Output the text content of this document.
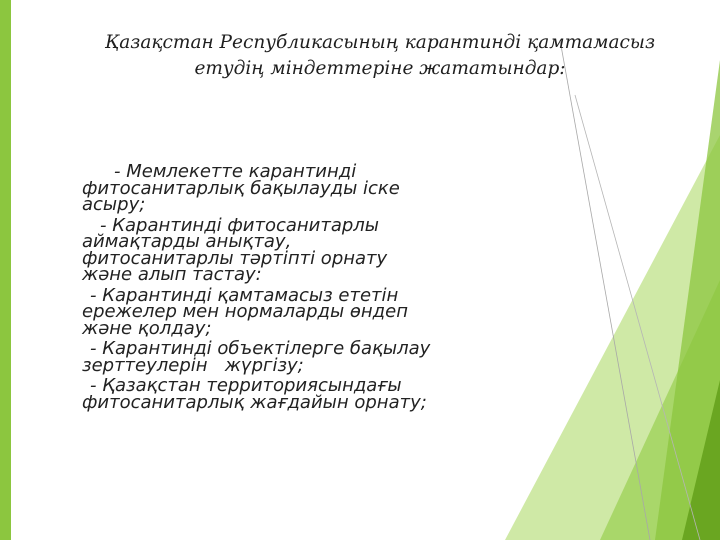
Қазақстан Республикасының карантинді қамтамасыз
етудің міндеттеріне жататындар:
- Мемлекетте карантинді
фитосанитарлық бақылауды іске
асыру;
- Карантинді фитосанитарлы
аймақтарды анықтау,
фитосанитарлы тәртіпті орнату
және алып тастау:
- Карантинді қамтамасыз ететін
ережелер мен нормаларды өндеп
және қолдау;
- Карантинді объектілерге бақылау
зерттеулерін   жүргізу;
- Қазақстан территориясындағы
фитосанитарлық жағдайын орнату;
